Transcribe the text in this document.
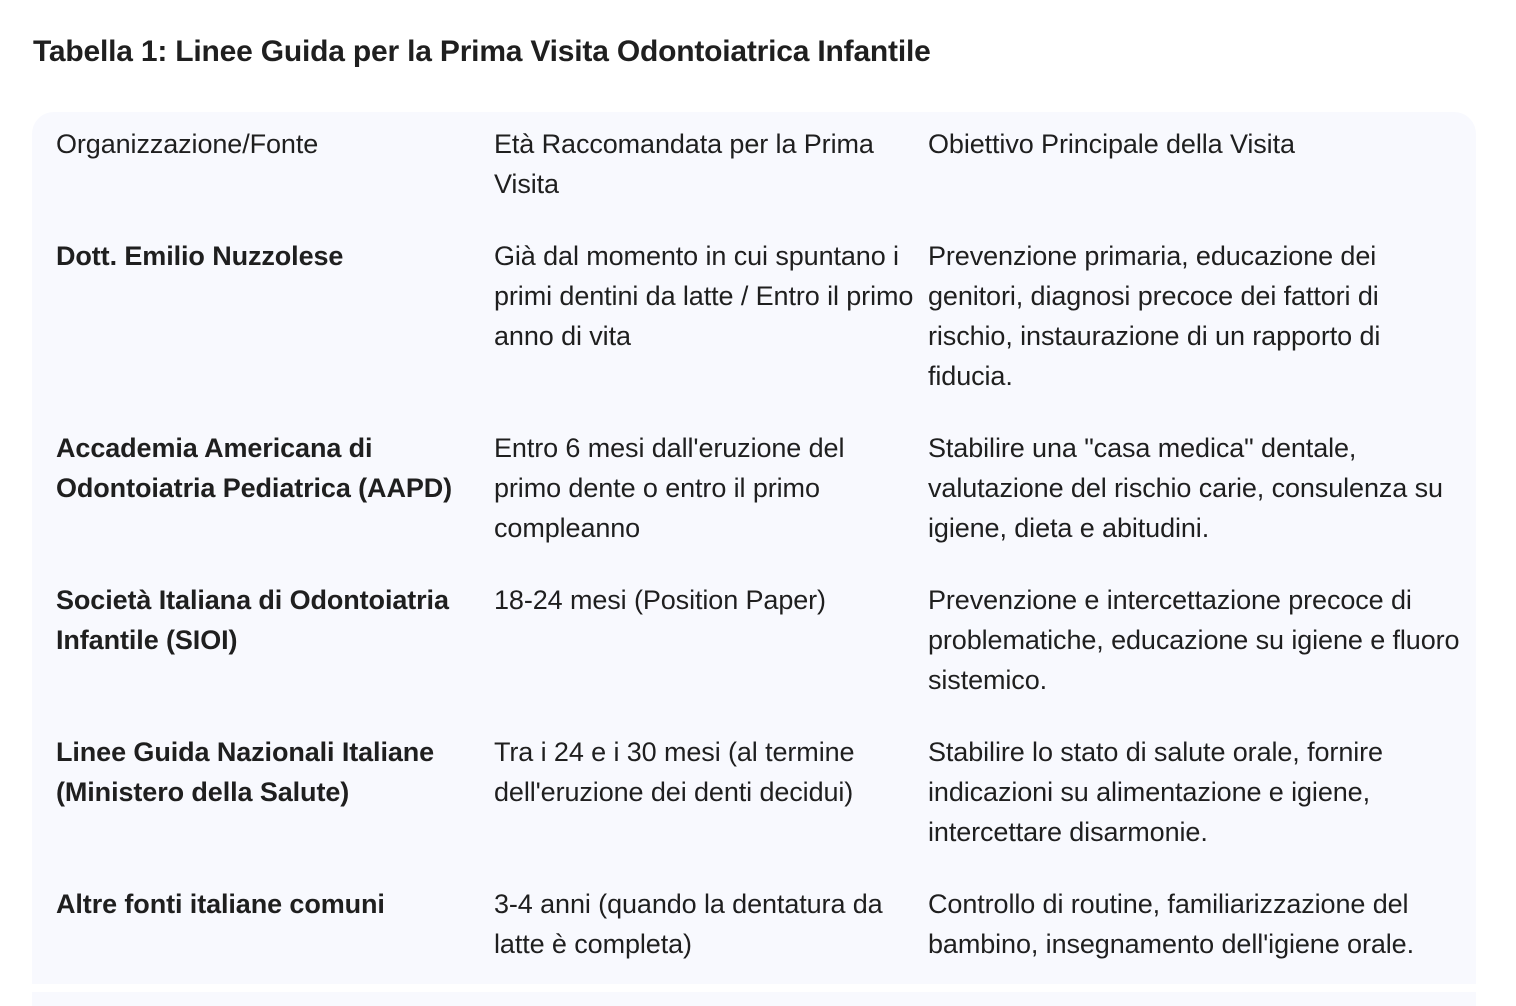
Tabella 1: Linee Guida per la Prima Visita Odontoiatrica Infantile
Organizzazione/Fonte	Età Raccomandata per la Prima Visita	Obiettivo Principale della Visita
Dott. Emilio Nuzzolese	Già dal momento in cui spuntano i primi dentini da latte / Entro il primo anno di vita	Prevenzione primaria, educazione dei genitori, diagnosi precoce dei fattori di rischio, instaurazione di un rapporto di fiducia.
Accademia Americana di Odontoiatria Pediatrica (AAPD)	Entro 6 mesi dall'eruzione del primo dente o entro il primo compleanno	Stabilire una "casa medica" dentale, valutazione del rischio carie, consulenza su igiene, dieta e abitudini.
Società Italiana di Odontoiatria Infantile (SIOI)	18-24 mesi (Position Paper)	Prevenzione e intercettazione precoce di problematiche, educazione su igiene e fluoro sistemico.
Linee Guida Nazionali Italiane (Ministero della Salute)	Tra i 24 e i 30 mesi (al termine dell'eruzione dei denti decidui)	Stabilire lo stato di salute orale, fornire indicazioni su alimentazione e igiene, intercettare disarmonie.
Altre fonti italiane comuni	3-4 anni (quando la dentatura da latte è completa)	Controllo di routine, familiarizzazione del bambino, insegnamento dell'igiene orale.
